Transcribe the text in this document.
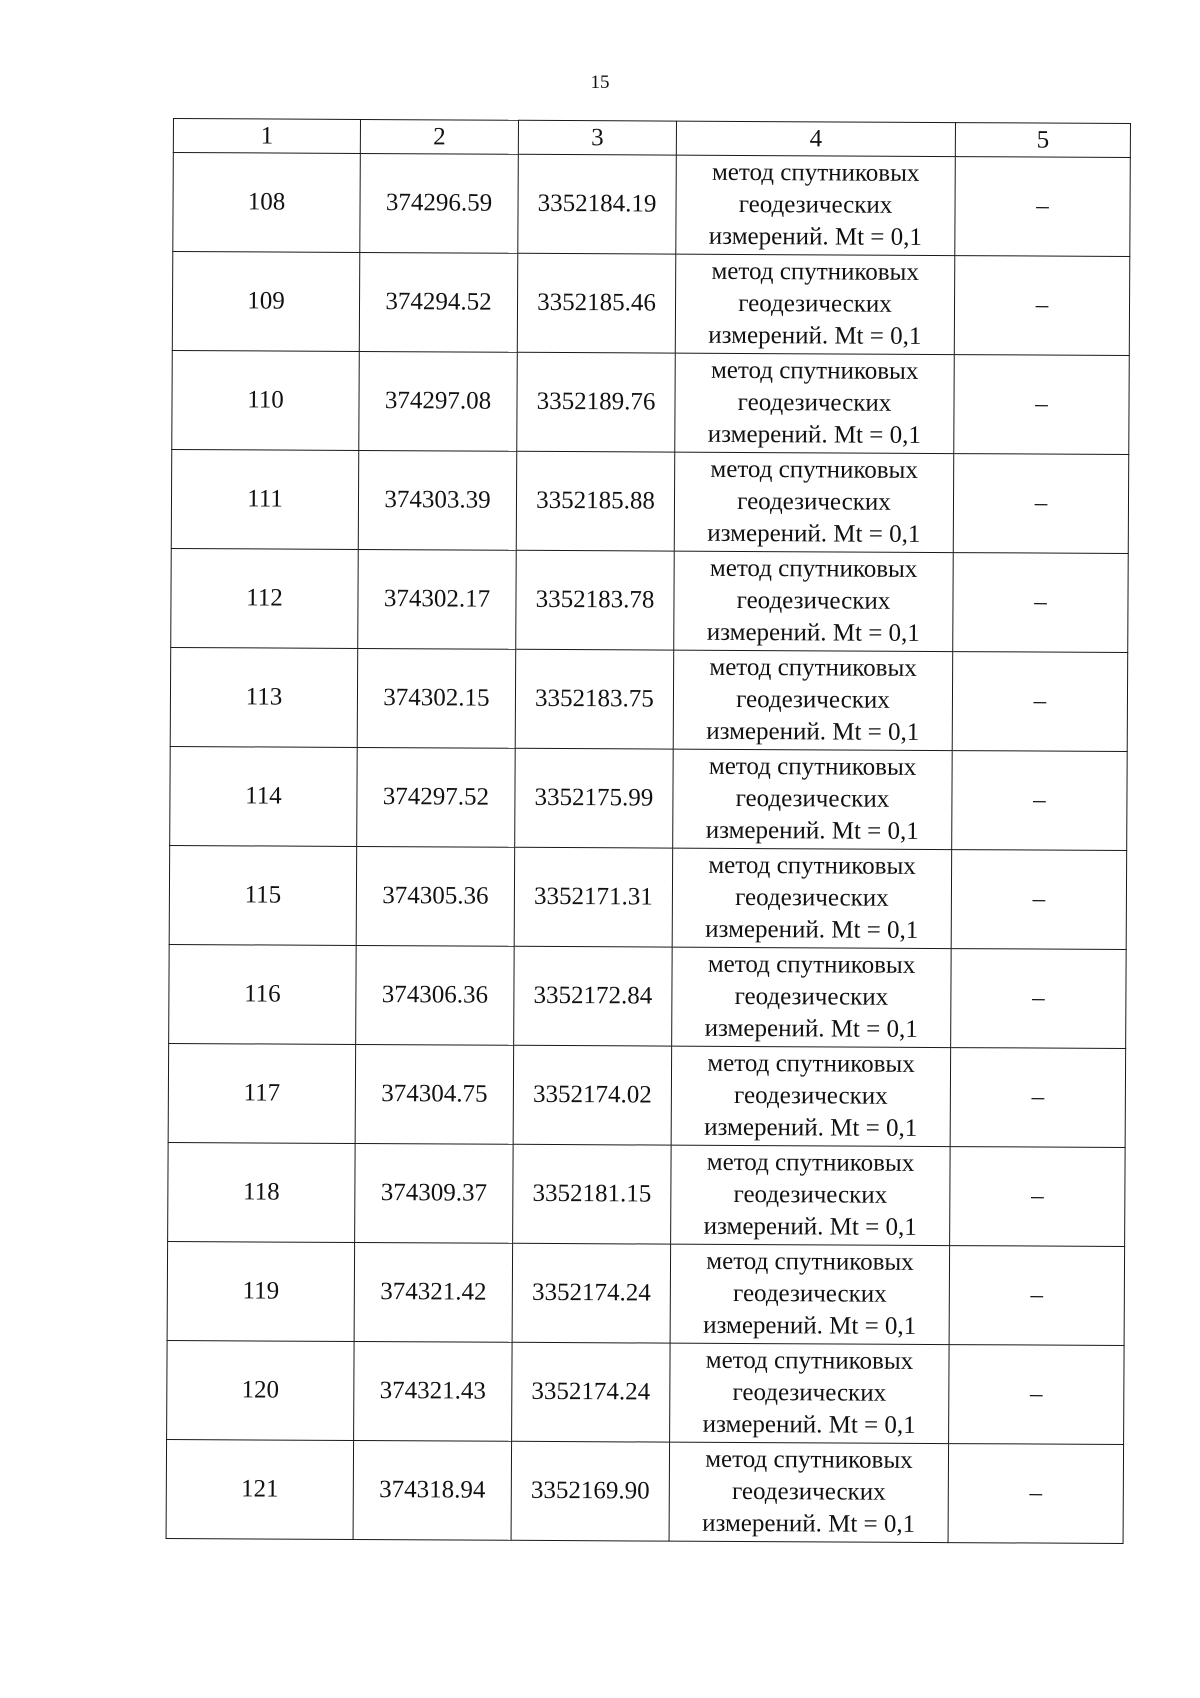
15
1	2	3	4	5
108	374296.59	3352184.19	метод спутниковых
геодезических
измерений. Mt = 0,1	–
109	374294.52	3352185.46	метод спутниковых
геодезических
измерений. Mt = 0,1	–
110	374297.08	3352189.76	метод спутниковых
геодезических
измерений. Mt = 0,1	–
111	374303.39	3352185.88	метод спутниковых
геодезических
измерений. Mt = 0,1	–
112	374302.17	3352183.78	метод спутниковых
геодезических
измерений. Mt = 0,1	–
113	374302.15	3352183.75	метод спутниковых
геодезических
измерений. Mt = 0,1	–
114	374297.52	3352175.99	метод спутниковых
геодезических
измерений. Mt = 0,1	–
115	374305.36	3352171.31	метод спутниковых
геодезических
измерений. Mt = 0,1	–
116	374306.36	3352172.84	метод спутниковых
геодезических
измерений. Mt = 0,1	–
117	374304.75	3352174.02	метод спутниковых
геодезических
измерений. Mt = 0,1	–
118	374309.37	3352181.15	метод спутниковых
геодезических
измерений. Mt = 0,1	–
119	374321.42	3352174.24	метод спутниковых
геодезических
измерений. Mt = 0,1	–
120	374321.43	3352174.24	метод спутниковых
геодезических
измерений. Mt = 0,1	–
121	374318.94	3352169.90	метод спутниковых
геодезических
измерений. Mt = 0,1	–
